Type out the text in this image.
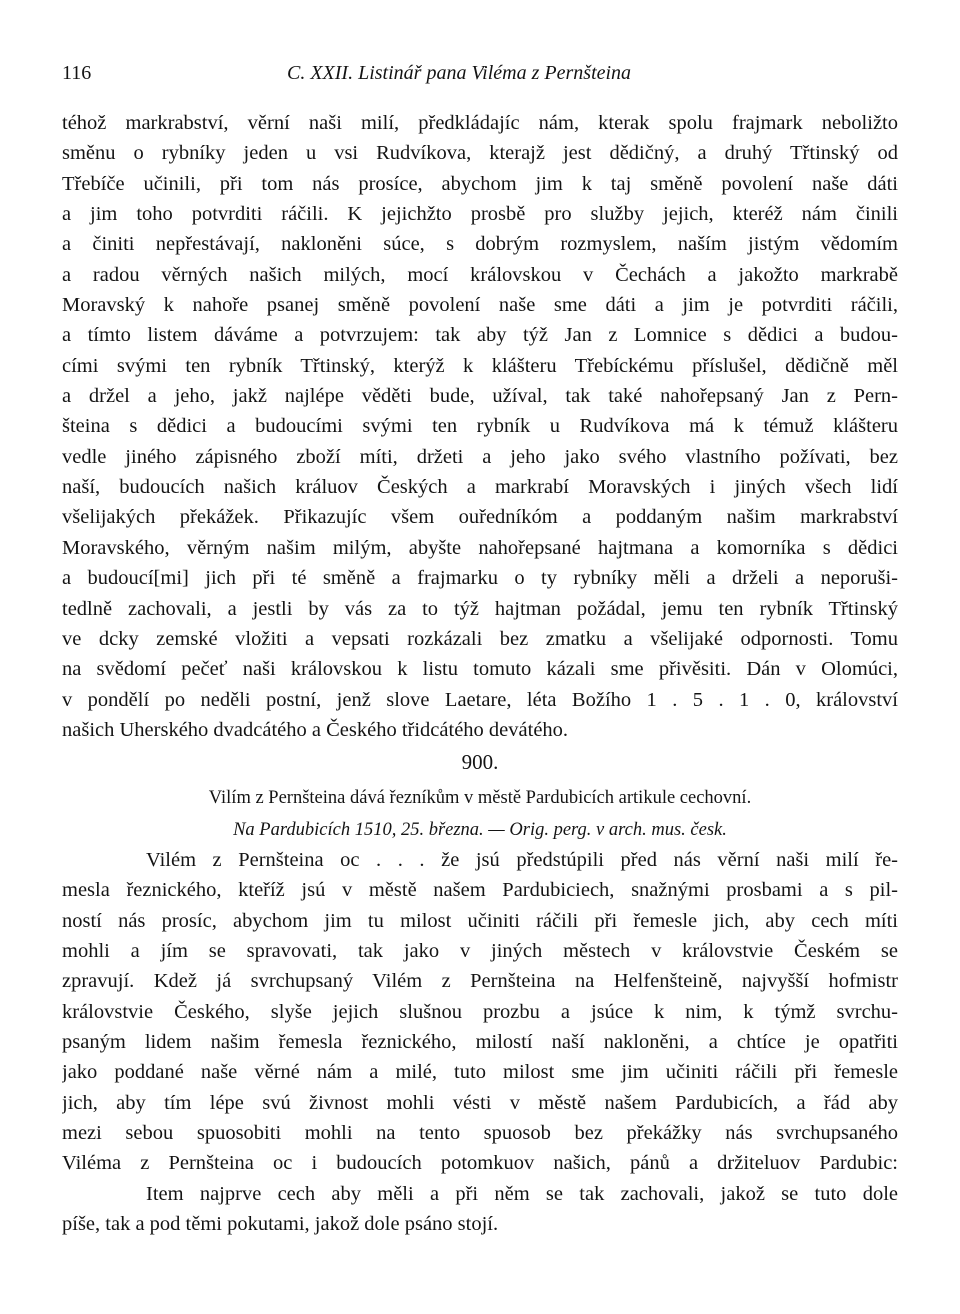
116	C. XXII. Listinář pana Viléma z Pernšteina
téhož markrabství, věrní naši milí, předkládajíc nám, kterak spolu frajmark neboližto
směnu o rybníky jeden u vsi Rudvíkova, kterajž jest dědičný, a druhý Třtinský od
Třebíče učinili, při tom nás prosíce, abychom jim k taj směně povolení naše dáti
a jim toho potvrditi ráčili. K jejichžto prosbě pro služby jejich, kteréž nám činili
a činiti nepřestávají, nakloněni súce, s dobrým rozmyslem, naším jistým vědomím
a radou věrných našich milých, mocí královskou v Čechách a jakožto markrabě
Moravský k nahoře psanej směně povolení naše sme dáti a jim je potvrditi ráčili,
a tímto listem dáváme a potvrzujem: tak aby týž Jan z Lomnice s dědici a budou-
cími svými ten rybník Třtinský, kterýž k klášteru Třebíckému příslušel, dědičně měl
a držel a jeho, jakž najlépe věděti bude, užíval, tak také nahořepsaný Jan z Pern-
šteina s dědici a budoucími svými ten rybník u Rudvíkova má k témuž klášteru
vedle jiného zápisného zboží míti, držeti a jeho jako svého vlastního požívati, bez
naší, budoucích našich králuov Českých a markrabí Moravských i jiných všech lidí
všelijakých překážek. Přikazujíc všem ouředníkóm a poddaným našim markrabství
Moravského, věrným našim milým, abyšte nahořepsané hajtmana a komorníka s dědici
a budoucí[mi] jich při té směně a frajmarku o ty rybníky měli a drželi a neporuši-
tedlně zachovali, a jestli by vás za to týž hajtman požádal, jemu ten rybník Třtinský
ve dcky zemské vložiti a vepsati rozkázali bez zmatku a všelijaké odpornosti. Tomu
na svědomí pečeť naši královskou k listu tomuto kázali sme přivěsiti. Dán v Olomúci,
v pondělí po neděli postní, jenž slove Laetare, léta Božího 1 . 5 . 1 . 0, království
našich Uherského dvadcátého a Českého třidcátého devátého.
900.
Vilím z Pernšteina dává řezníkům v městě Pardubicích artikule cechovní.
Na Pardubicích 1510, 25. března. — Orig. perg. v arch. mus. česk.
Vilém z Pernšteina oc . . . že jsú předstúpili před nás věrní naši milí ře-
mesla řeznického, kteříž jsú v městě našem Pardubiciech, snažnými prosbami a s pil-
ností nás prosíc, abychom jim tu milost učiniti ráčili při řemesle jich, aby cech míti
mohli a jím se spravovati, tak jako v jiných městech v královstvie Českém se
zpravují. Kdež já svrchupsaný Vilém z Pernšteina na Helfenšteině, najvyšší hofmistr
královstvie Českého, slyše jejich slušnou prozbu a jsúce k nim, k týmž svrchu-
psaným lidem našim řemesla řeznického, milostí naší nakloněni, a chtíce je opatřiti
jako poddané naše věrné nám a milé, tuto milost sme jim učiniti ráčili při řemesle
jich, aby tím lépe svú živnost mohli vésti v městě našem Pardubicích, a řád aby
mezi sebou spuosobiti mohli na tento spuosob bez překážky nás svrchupsaného
Viléma z Pernšteina oc i budoucích potomkuov našich, pánů a držiteluov Pardubic:
Item najprve cech aby měli a při něm se tak zachovali, jakož se tuto dole
píše, tak a pod těmi pokutami, jakož dole psáno stojí.
